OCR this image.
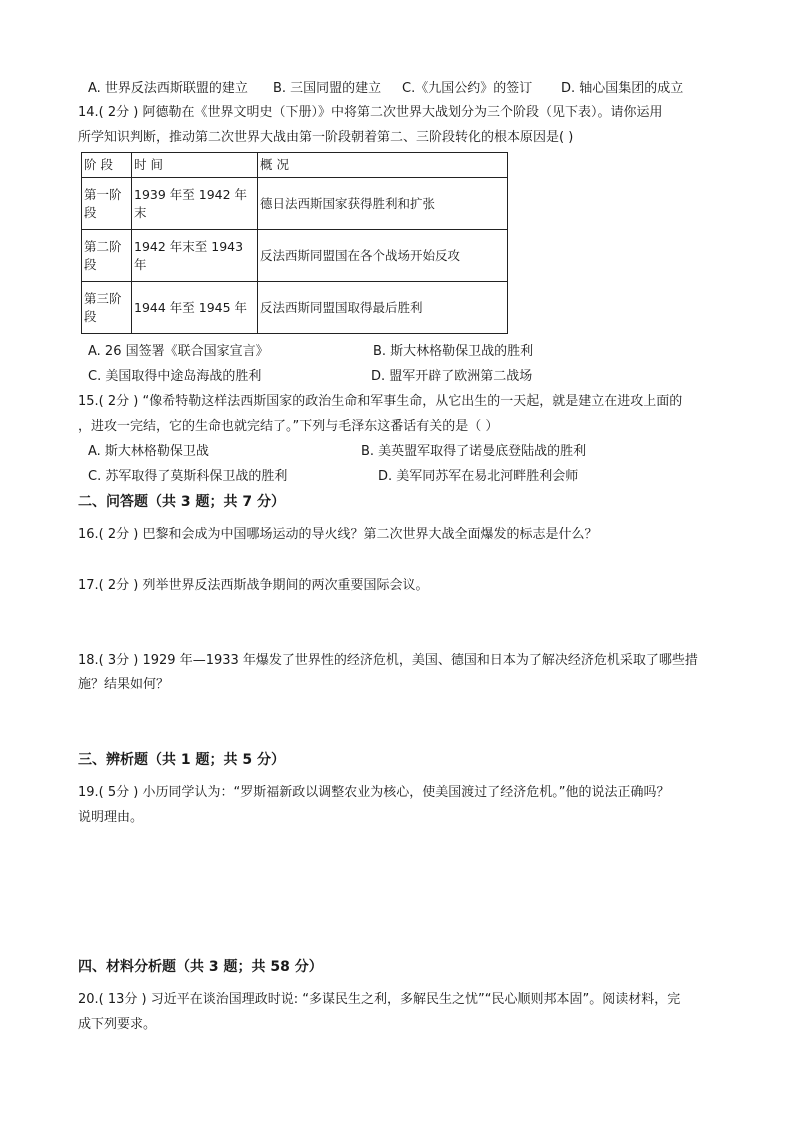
A. 世界反法西斯联盟的建立 B. 三国同盟的建立 C.《九国公约》的签订 D. 轴心国集团的成立
14.( 2分 ) 阿德勒在《世界文明史（下册）》中将第二次世界大战划分为三个阶段（见下表）。请你运用
所学知识判断，推动第二次世界大战由第一阶段朝着第二、三阶段转化的根本原因是( )
阶 段	时 间	概 况
第一阶
段	1939 年至 1942 年末	德日法西斯国家获得胜利和扩张
第二阶
段	1942 年末至 1943 年	反法西斯同盟国在各个战场开始反攻
第三阶
段	1944 年至 1945 年	反法西斯同盟国取得最后胜利
A. 26 国签署《联合国家宣言》	B. 斯大林格勒保卫战的胜利
C. 美国取得中途岛海战的胜利	D. 盟军开辟了欧洲第二战场
15.( 2分 ) “像希特勒这样法西斯国家的政治生命和军事生命，从它出生的一天起，就是建立在进攻上面的
，进攻一完结，它的生命也就完结了。”下列与毛泽东这番话有关的是（ ）
A. 斯大林格勒保卫战	B. 美英盟军取得了诺曼底登陆战的胜利
C. 苏军取得了莫斯科保卫战的胜利	D. 美军同苏军在易北河畔胜利会师
二、问答题（共 3 题；共 7 分）
16.( 2分 ) 巴黎和会成为中国哪场运动的导火线？第二次世界大战全面爆发的标志是什么？
17.( 2分 ) 列举世界反法西斯战争期间的两次重要国际会议。
18.( 3分 ) 1929 年—1933 年爆发了世界性的经济危机，美国、德国和日本为了解决经济危机采取了哪些措
施？结果如何？
三、辨析题（共 1 题；共 5 分）
19.( 5分 ) 小历同学认为：“罗斯福新政以调整农业为核心，使美国渡过了经济危机。”他的说法正确吗？
说明理由。
四、材料分析题（共 3 题；共 58 分）
20.( 13分 ) 习近平在谈治国理政时说: “多谋民生之利，多解民生之忧”“民心顺则邦本固”。阅读材料，完
成下列要求。
